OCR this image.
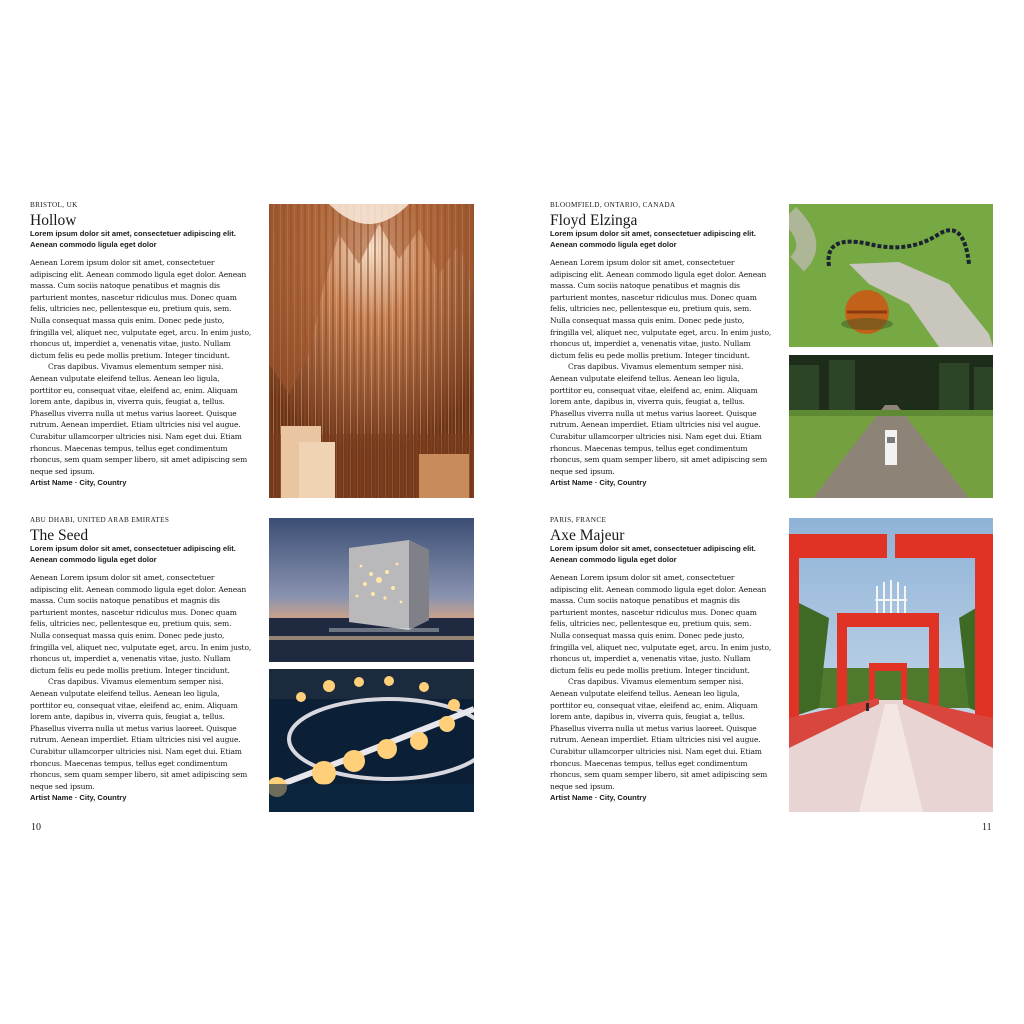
BRISTOL, UK

Hollow

Lorem ipsum dolor sit amet, consectetuer adipiscing elit. Aenean commodo ligula eget dolor

Aenean Lorem ipsum dolor sit amet, consectetuer adipiscing elit. Aenean commodo ligula eget dolor. Aenean massa. Cum sociis natoque penatibus et magnis dis parturient montes, nascetur ridiculus mus. Donec quam felis, ultricies nec, pellentesque eu, pretium quis, sem. Nulla consequat massa quis enim. Donec pede justo, fringilla vel, aliquet nec, vulputate eget, arcu. In enim justo, rhoncus ut, imperdiet a, venenatis vitae, justo. Nullam dictum felis eu pede mollis pretium. Integer tincidunt.

Cras dapibus. Vivamus elementum semper nisi. Aenean vulputate eleifend tellus. Aenean leo ligula, porttitor eu, consequat vitae, eleifend ac, enim. Aliquam lorem ante, dapibus in, viverra quis, feugiat a, tellus. Phasellus viverra nulla ut metus varius laoreet. Quisque rutrum. Aenean imperdiet. Etiam ultricies nisi vel augue. Curabitur ullamcorper ultricies nisi. Nam eget dui. Etiam rhoncus. Maecenas tempus, tellus eget condimentum rhoncus, sem quam semper libero, sit amet adipiscing sem neque sed ipsum.

Artist Name · City, Country

ABU DHABI, UNITED ARAB EMIRATES

The Seed

Lorem ipsum dolor sit amet, consectetuer adipiscing elit. Aenean commodo ligula eget dolor

Aenean Lorem ipsum dolor sit amet, consectetuer adipiscing elit. Aenean commodo ligula eget dolor. Aenean massa. Cum sociis natoque penatibus et magnis dis parturient montes, nascetur ridiculus mus. Donec quam felis, ultricies nec, pellentesque eu, pretium quis, sem. Nulla consequat massa quis enim. Donec pede justo, fringilla vel, aliquet nec, vulputate eget, arcu. In enim justo, rhoncus ut, imperdiet a, venenatis vitae, justo. Nullam dictum felis eu pede mollis pretium. Integer tincidunt.

Cras dapibus. Vivamus elementum semper nisi. Aenean vulputate eleifend tellus. Aenean leo ligula, porttitor eu, consequat vitae, eleifend ac, enim. Aliquam lorem ante, dapibus in, viverra quis, feugiat a, tellus. Phasellus viverra nulla ut metus varius laoreet. Quisque rutrum. Aenean imperdiet. Etiam ultricies nisi vel augue. Curabitur ullamcorper ultricies nisi. Nam eget dui. Etiam rhoncus. Maecenas tempus, tellus eget condimentum rhoncus, sem quam semper libero, sit amet adipiscing sem neque sed ipsum.

Artist Name · City, Country

10

BLOOMFIELD, ONTARIO, CANADA

Floyd Elzinga

Lorem ipsum dolor sit amet, consectetuer adipiscing elit. Aenean commodo ligula eget dolor

Aenean Lorem ipsum dolor sit amet, consectetuer adipiscing elit. Aenean commodo ligula eget dolor. Aenean massa. Cum sociis natoque penatibus et magnis dis parturient montes, nascetur ridiculus mus. Donec quam felis, ultricies nec, pellentesque eu, pretium quis, sem. Nulla consequat massa quis enim. Donec pede justo, fringilla vel, aliquet nec, vulputate eget, arcu. In enim justo, rhoncus ut, imperdiet a, venenatis vitae, justo. Nullam dictum felis eu pede mollis pretium. Integer tincidunt.

Cras dapibus. Vivamus elementum semper nisi. Aenean vulputate eleifend tellus. Aenean leo ligula, porttitor eu, consequat vitae, eleifend ac, enim. Aliquam lorem ante, dapibus in, viverra quis, feugiat a, tellus. Phasellus viverra nulla ut metus varius laoreet. Quisque rutrum. Aenean imperdiet. Etiam ultricies nisi vel augue. Curabitur ullamcorper ultricies nisi. Nam eget dui. Etiam rhoncus. Maecenas tempus, tellus eget condimentum rhoncus, sem quam semper libero, sit amet adipiscing sem neque sed ipsum.

Artist Name · City, Country

PARIS, FRANCE

Axe Majeur

Lorem ipsum dolor sit amet, consectetuer adipiscing elit. Aenean commodo ligula eget dolor

Aenean Lorem ipsum dolor sit amet, consectetuer adipiscing elit. Aenean commodo ligula eget dolor. Aenean massa. Cum sociis natoque penatibus et magnis dis parturient montes, nascetur ridiculus mus. Donec quam felis, ultricies nec, pellentesque eu, pretium quis, sem. Nulla consequat massa quis enim. Donec pede justo, fringilla vel, aliquet nec, vulputate eget, arcu. In enim justo, rhoncus ut, imperdiet a, venenatis vitae, justo. Nullam dictum felis eu pede mollis pretium. Integer tincidunt.

Cras dapibus. Vivamus elementum semper nisi. Aenean vulputate eleifend tellus. Aenean leo ligula, porttitor eu, consequat vitae, eleifend ac, enim. Aliquam lorem ante, dapibus in, viverra quis, feugiat a, tellus. Phasellus viverra nulla ut metus varius laoreet. Quisque rutrum. Aenean imperdiet. Etiam ultricies nisi vel augue. Curabitur ullamcorper ultricies nisi. Nam eget dui. Etiam rhoncus. Maecenas tempus, tellus eget condimentum rhoncus, sem quam semper libero, sit amet adipiscing sem neque sed ipsum.

Artist Name · City, Country

11
